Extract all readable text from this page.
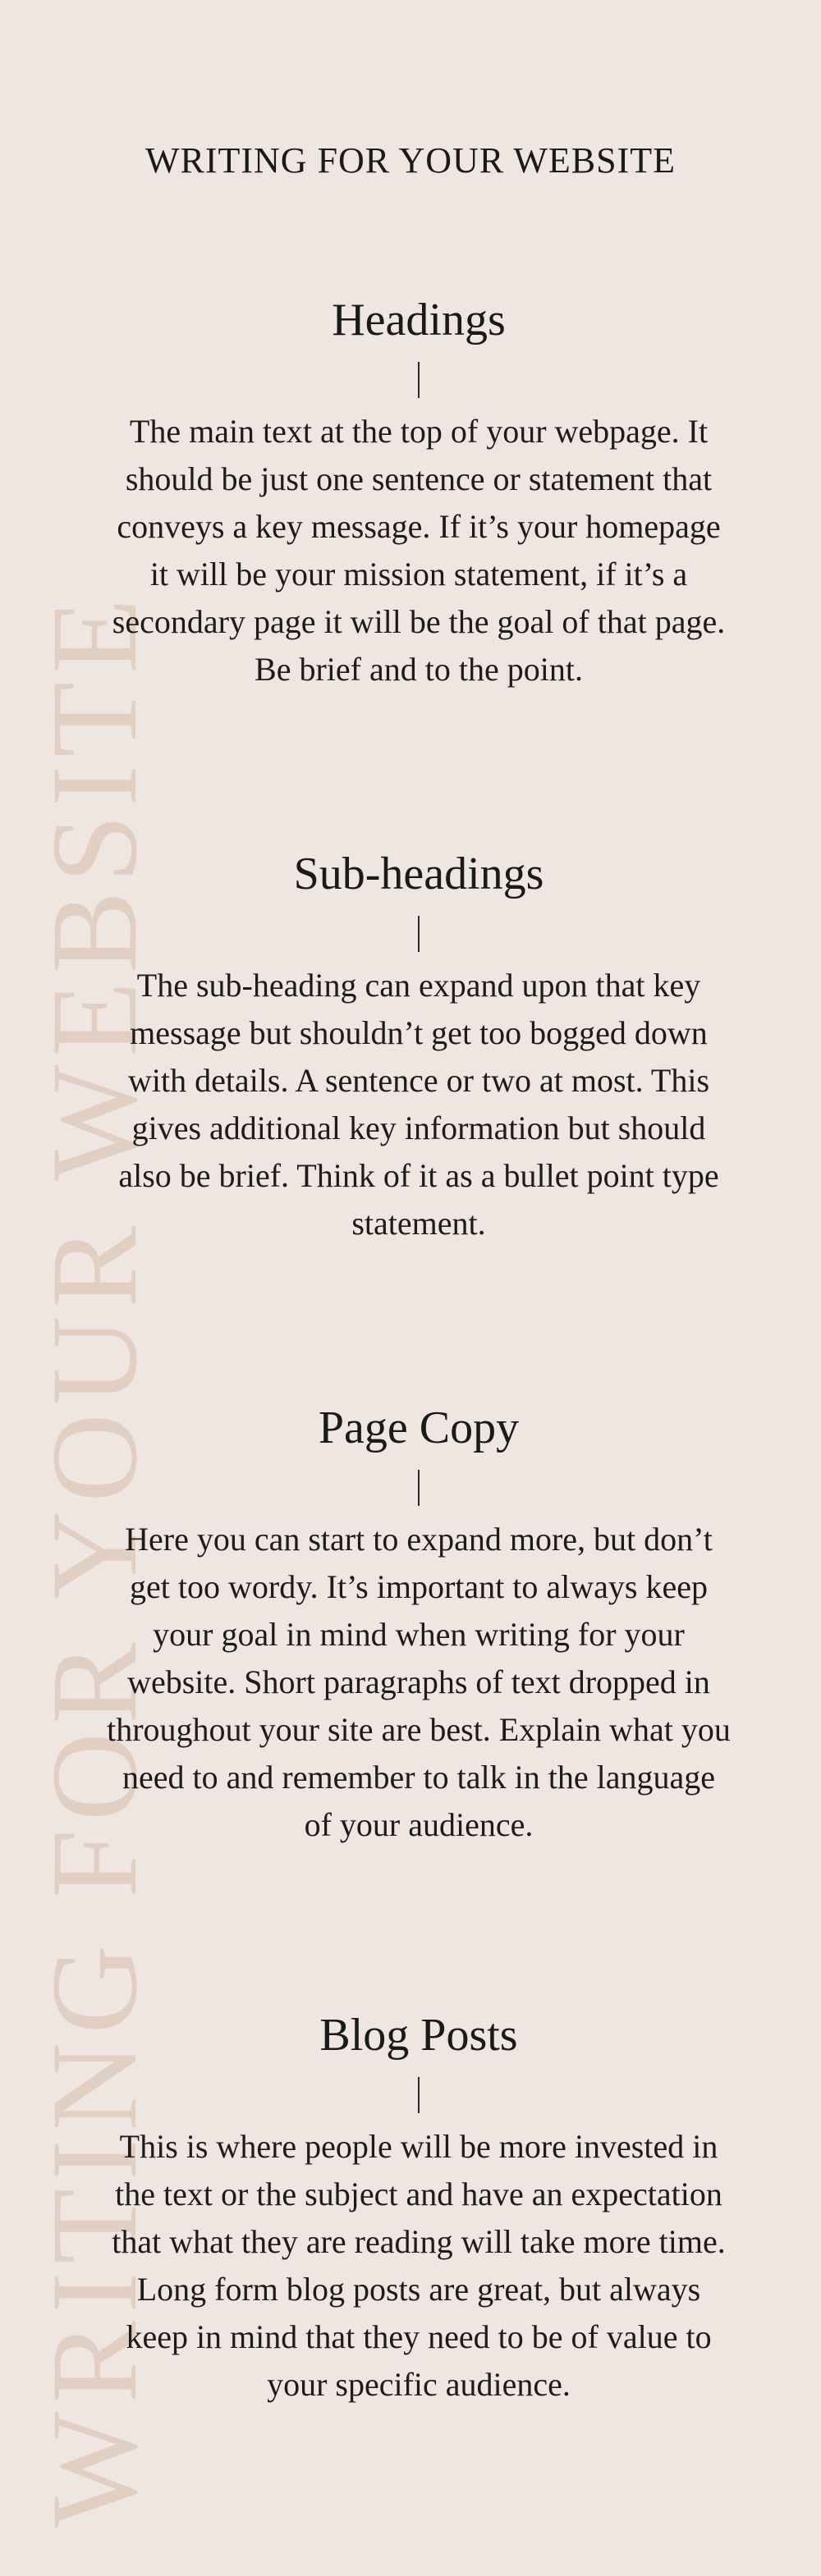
WRITING FOR YOUR WEBSITE
WRITING FOR YOUR WEBSITE
Headings

The main text at the top of your webpage. It should be just one sentence or statement that conveys a key message. If it’s your homepage it will be your mission statement, if it’s a secondary page it will be the goal of that page. Be brief and to the point.

Sub-headings

The sub-heading can expand upon that key message but shouldn’t get too bogged down with details. A sentence or two at most. This gives additional key information but should also be brief. Think of it as a bullet point type statement.

Page Copy

Here you can start to expand more, but don’t get too wordy. It’s important to always keep your goal in mind when writing for your website. Short paragraphs of text dropped in throughout your site are best. Explain what you need to and remember to talk in the language of your audience.

Blog Posts

This is where people will be more invested in the text or the subject and have an expectation that what they are reading will take more time. Long form blog posts are great, but always keep in mind that they need to be of value to your specific audience.
